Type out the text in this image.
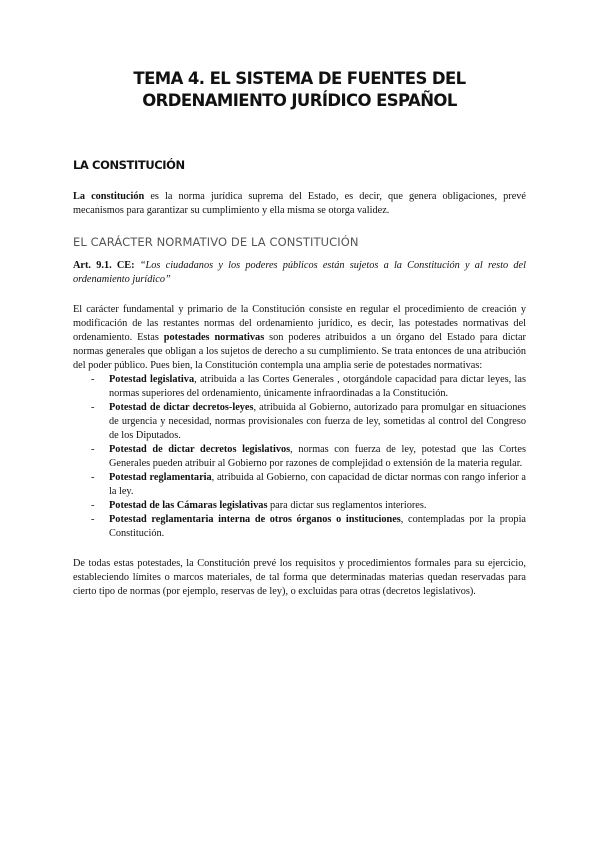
TEMA 4. EL SISTEMA DE FUENTES DEL ORDENAMIENTO JURÍDICO ESPAÑOL
LA CONSTITUCIÓN

La constitución es la norma jurídica suprema del Estado, es decir, que genera obligaciones, prevé mecanismos para garantizar su cumplimiento y ella misma se otorga validez.

EL CARÁCTER NORMATIVO DE LA CONSTITUCIÓN

Art. 9.1. CE: “Los ciudadanos y los poderes públicos están sujetos a la Constitución y al resto del ordenamiento jurídico”

El carácter fundamental y primario de la Constitución consiste en regular el procedimiento de creación y modificación de las restantes normas del ordenamiento jurídico, es decir, las potestades normativas del ordenamiento. Estas potestades normativas son poderes atribuidos a un órgano del Estado para dictar normas generales que obligan a los sujetos de derecho a su cumplimiento. Se trata entonces de una atribución del poder público. Pues bien, la Constitución contempla una amplia serie de potestades normativas:

- Potestad legislativa, atribuida a las Cortes Generales , otorgándole capacidad para dictar leyes, las normas superiores del ordenamiento, únicamente infraordinadas a la Constitución.
- Potestad de dictar decretos-leyes, atribuida al Gobierno, autorizado para promulgar en situaciones de urgencia y necesidad, normas provisionales con fuerza de ley, sometidas al control del Congreso de los Diputados.
- Potestad de dictar decretos legislativos, normas con fuerza de ley, potestad que las Cortes Generales pueden atribuir al Gobierno por razones de complejidad o extensión de la materia regular.
- Potestad reglamentaria, atribuida al Gobierno, con capacidad de dictar normas con rango inferior a la ley.
- Potestad de las Cámaras legislativas para dictar sus reglamentos interiores.
- Potestad reglamentaria interna de otros órganos o instituciones, contempladas por la propia Constitución.

De todas estas potestades, la Constitución prevé los requisitos y procedimientos formales para su ejercicio, estableciendo límites o marcos materiales, de tal forma que determinadas materias quedan reservadas para cierto tipo de normas (por ejemplo, reservas de ley), o excluidas para otras (decretos legislativos).
